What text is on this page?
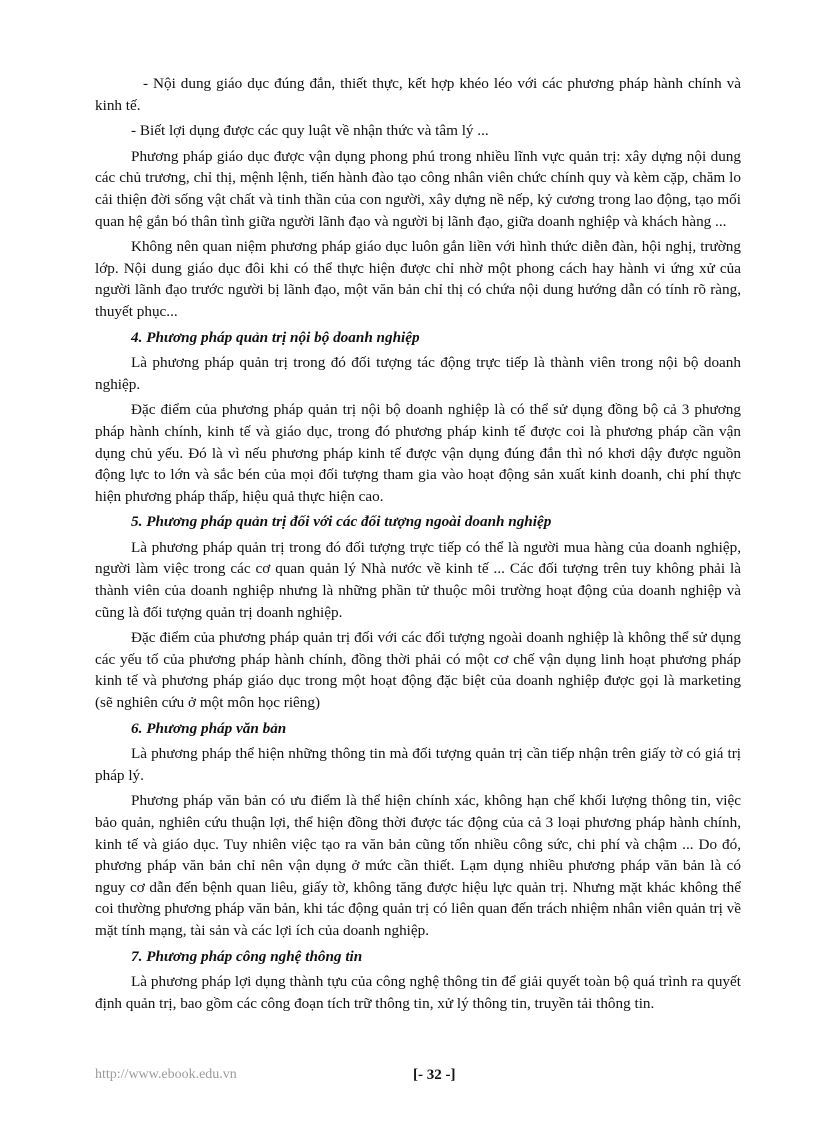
- Nội dung giáo dục đúng đắn, thiết thực, kết hợp khéo léo với các phương pháp hành chính và kinh tế.

- Biết lợi dụng được các quy luật về nhận thức và tâm lý ...

Phương pháp giáo dục được vận dụng phong phú trong nhiều lĩnh vực quản trị: xây dựng nội dung các chủ trương, chỉ thị, mệnh lệnh, tiến hành đào tạo công nhân viên chức chính quy và kèm cặp, chăm lo cải thiện đời sống vật chất và tinh thần của con người, xây dựng nề nếp, kỷ cương trong lao động, tạo mối quan hệ gắn bó thân tình giữa người lãnh đạo và người bị lãnh đạo, giữa doanh nghiệp và khách hàng ...

Không nên quan niệm phương pháp giáo dục luôn gắn liền với hình thức diễn đàn, hội nghị, trường lớp. Nội dung giáo dục đôi khi có thể thực hiện được chỉ nhờ một phong cách hay hành vi ứng xử của người lãnh đạo trước người bị lãnh đạo, một văn bản chỉ thị có chứa nội dung hướng dẫn có tính rõ ràng, thuyết phục...

4. Phương pháp quản trị nội bộ doanh nghiệp

Là phương pháp quản trị trong đó đối tượng tác động trực tiếp là thành viên trong nội bộ doanh nghiệp.

Đặc điểm của phương pháp quản trị nội bộ doanh nghiệp là có thể sử dụng đồng bộ cả 3 phương pháp hành chính, kinh tế và giáo dục, trong đó phương pháp kinh tế được coi là phương pháp cần vận dụng chủ yếu. Đó là vì nếu phương pháp kinh tế được vận dụng đúng đắn thì nó khơi dậy được nguồn động lực to lớn và sắc bén của mọi đối tượng tham gia vào hoạt động sản xuất kinh doanh, chi phí thực hiện phương pháp thấp, hiệu quả thực hiện cao.

5. Phương pháp quản trị đối với các đối tượng ngoài doanh nghiệp

Là phương pháp quản trị trong đó đối tượng trực tiếp có thể là người mua hàng của doanh nghiệp, người làm việc trong các cơ quan quản lý Nhà nước về kinh tế ... Các đối tượng trên tuy không phải là thành viên của doanh nghiệp nhưng là những phần tử thuộc môi trường hoạt động của doanh nghiệp và cũng là đối tượng quản trị doanh nghiệp.

Đặc điểm của phương pháp quản trị đối với các đối tượng ngoài doanh nghiệp là không thể sử dụng các yếu tố của phương pháp hành chính, đồng thời phải có một cơ chế vận dụng linh hoạt phương pháp kinh tế và phương pháp giáo dục trong một hoạt động đặc biệt của doanh nghiệp được gọi là marketing (sẽ nghiên cứu ở một môn học riêng)

6. Phương pháp văn bản

Là phương pháp thể hiện những thông tin mà đối tượng quản trị cần tiếp nhận trên giấy tờ có giá trị pháp lý.

Phương pháp văn bản có ưu điểm là thể hiện chính xác, không hạn chế khối lượng thông tin, việc bảo quản, nghiên cứu thuận lợi, thể hiện đồng thời được tác động của cả 3 loại phương pháp hành chính, kinh tế và giáo dục. Tuy nhiên việc tạo ra văn bản cũng tốn nhiều công sức, chi phí và chậm ... Do đó, phương pháp văn bản chỉ nên vận dụng ở mức cần thiết. Lạm dụng nhiều phương pháp văn bản là có nguy cơ dẫn đến bệnh quan liêu, giấy tờ, không tăng được hiệu lực quản trị. Nhưng mặt khác không thể coi thường phương pháp văn bản, khi tác động quản trị có liên quan đến trách nhiệm nhân viên quản trị về mặt tính mạng, tài sản và các lợi ích của doanh nghiệp.

7. Phương pháp công nghệ thông tin

Là phương pháp lợi dụng thành tựu của công nghệ thông tin để giải quyết toàn bộ quá trình ra quyết định quản trị, bao gồm các công đoạn tích trữ thông tin, xử lý thông tin, truyền tải thông tin.

http://www.ebook.edu.vn	[- 32 -]
